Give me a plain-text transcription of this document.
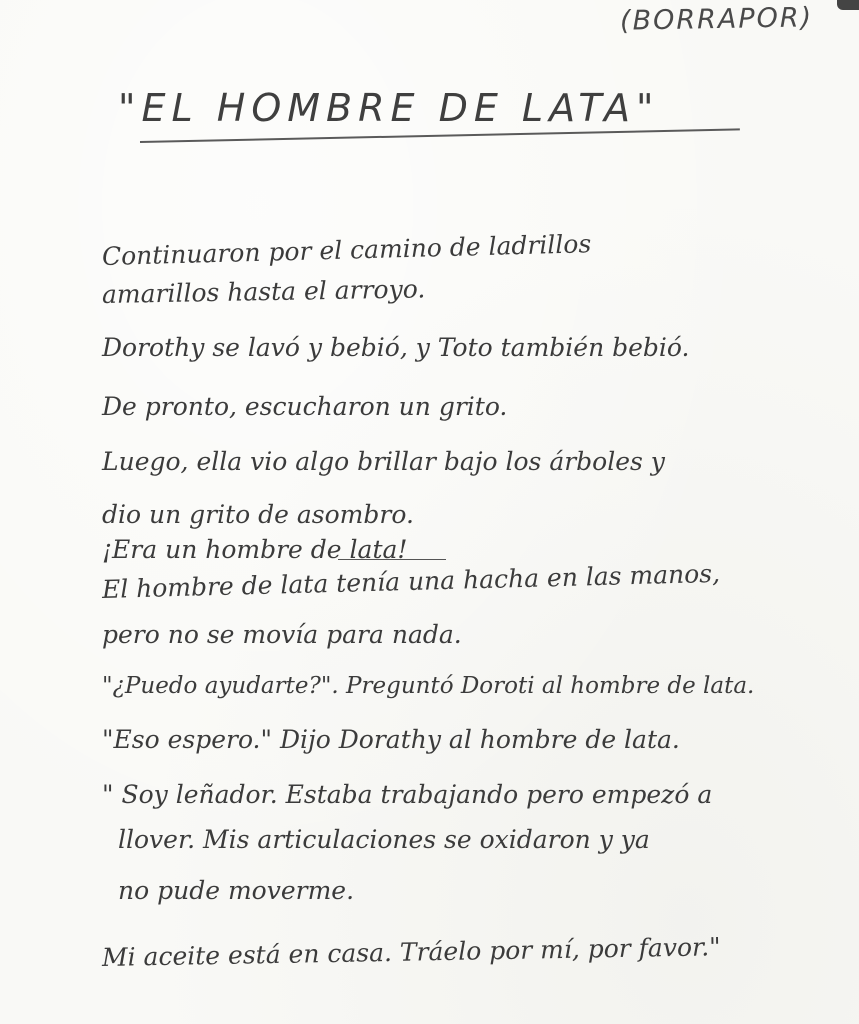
(BORRAPOR)
"EL HOMBRE DE LATA"
Continuaron por el camino de ladrillos
amarillos hasta el arroyo.
Dorothy se lavó y bebió, y Toto también bebió.
De pronto, escucharon un grito.
Luego, ella vio algo brillar bajo los árboles y
dio un grito de asombro.
¡Era un hombre de lata!
El hombre de lata tenía una hacha en las manos,
pero no se movía para nada.
"¿Puedo ayudarte?". Preguntó Doroti al hombre de lata.
"Eso espero." Dijo Dorathy al hombre de lata.
" Soy leñador. Estaba trabajando pero empezó a
llover. Mis articulaciones se oxidaron y ya
no pude moverme.
Mi aceite está en casa. Tráelo por mí, por favor."
